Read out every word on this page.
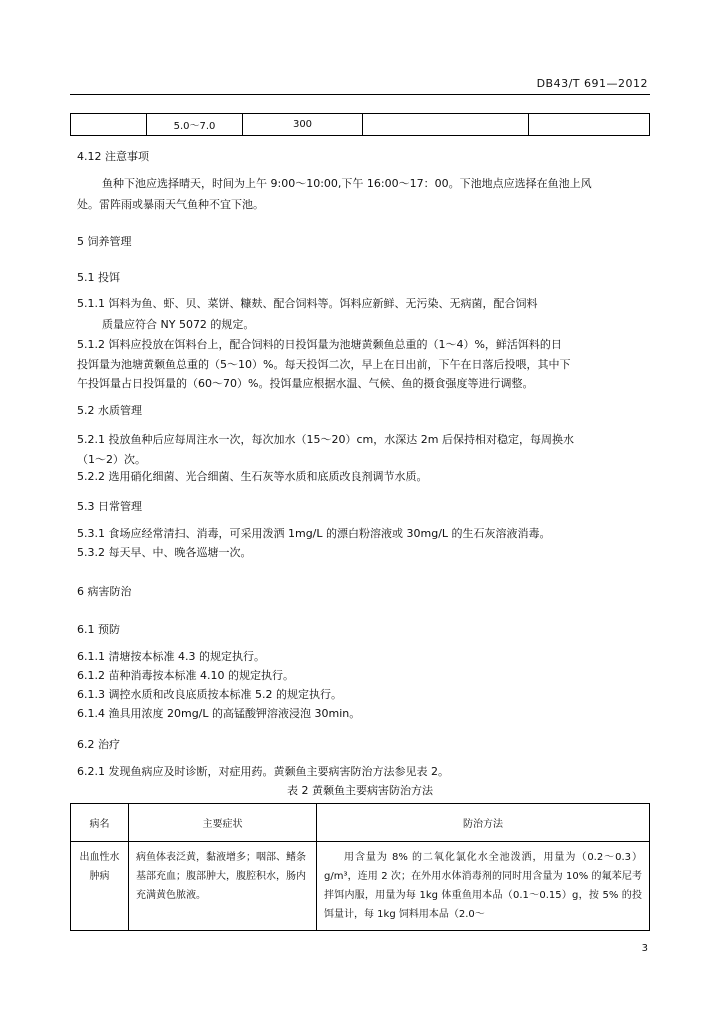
DB43/T 691—2012
	5.0～7.0	300		
4.12 注意事项
鱼种下池应选择晴天，时间为上午 9:00～10:00,下午 16:00～17：00。下池地点应选择在鱼池上风
处。雷阵雨或暴雨天气鱼种不宜下池。
5 饲养管理
5.1 投饵
5.1.1 饵料为鱼、虾、贝、菜饼、糠麸、配合饲料等。饵料应新鲜、无污染、无病菌，配合饲料
质量应符合 NY 5072 的规定。
5.1.2 饵料应投放在饵料台上，配合饲料的日投饵量为池塘黄颡鱼总重的（1～4）%，鲜活饵料的日
投饵量为池塘黄颡鱼总重的（5～10）%。每天投饵二次，早上在日出前，下午在日落后投喂，其中下
午投饵量占日投饵量的（60～70）%。投饵量应根据水温、气候、鱼的摄食强度等进行调整。
5.2 水质管理
5.2.1 投放鱼种后应每周注水一次，每次加水（15～20）cm，水深达 2m 后保持相对稳定，每周换水
（1～2）次。
5.2.2 选用硝化细菌、光合细菌、生石灰等水质和底质改良剂调节水质。
5.3 日常管理
5.3.1 食场应经常清扫、消毒，可采用泼洒 1mg/L 的漂白粉溶液或 30mg/L 的生石灰溶液消毒。
5.3.2 每天早、中、晚各巡塘一次。
6 病害防治
6.1 预防
6.1.1 清塘按本标准 4.3 的规定执行。
6.1.2 苗种消毒按本标准 4.10 的规定执行。
6.1.3 调控水质和改良底质按本标准 5.2 的规定执行。
6.1.4 渔具用浓度 20mg/L 的高锰酸钾溶液浸泡 30min。
6.2 治疗
6.2.1 发现鱼病应及时诊断，对症用药。黄颡鱼主要病害防治方法参见表 2。
表 2 黄颡鱼主要病害防治方法
病名	主要症状	防治方法
出血性水肿病	病鱼体表泛黄，黏液增多；咽部、鳍条基部充血；腹部肿大，腹腔积水，肠内充满黄色脓液。	用含量为 8% 的二氧化氯化水全池泼洒，用量为（0.2～0.3）g/m³，连用 2 次；在外用水体消毒剂的同时用含量为 10% 的氟苯尼考拌饵内服，用量为每 1kg 体重鱼用本品（0.1～0.15）g，按 5% 的投饵量计，每 1kg 饲料用本品（2.0～
3
